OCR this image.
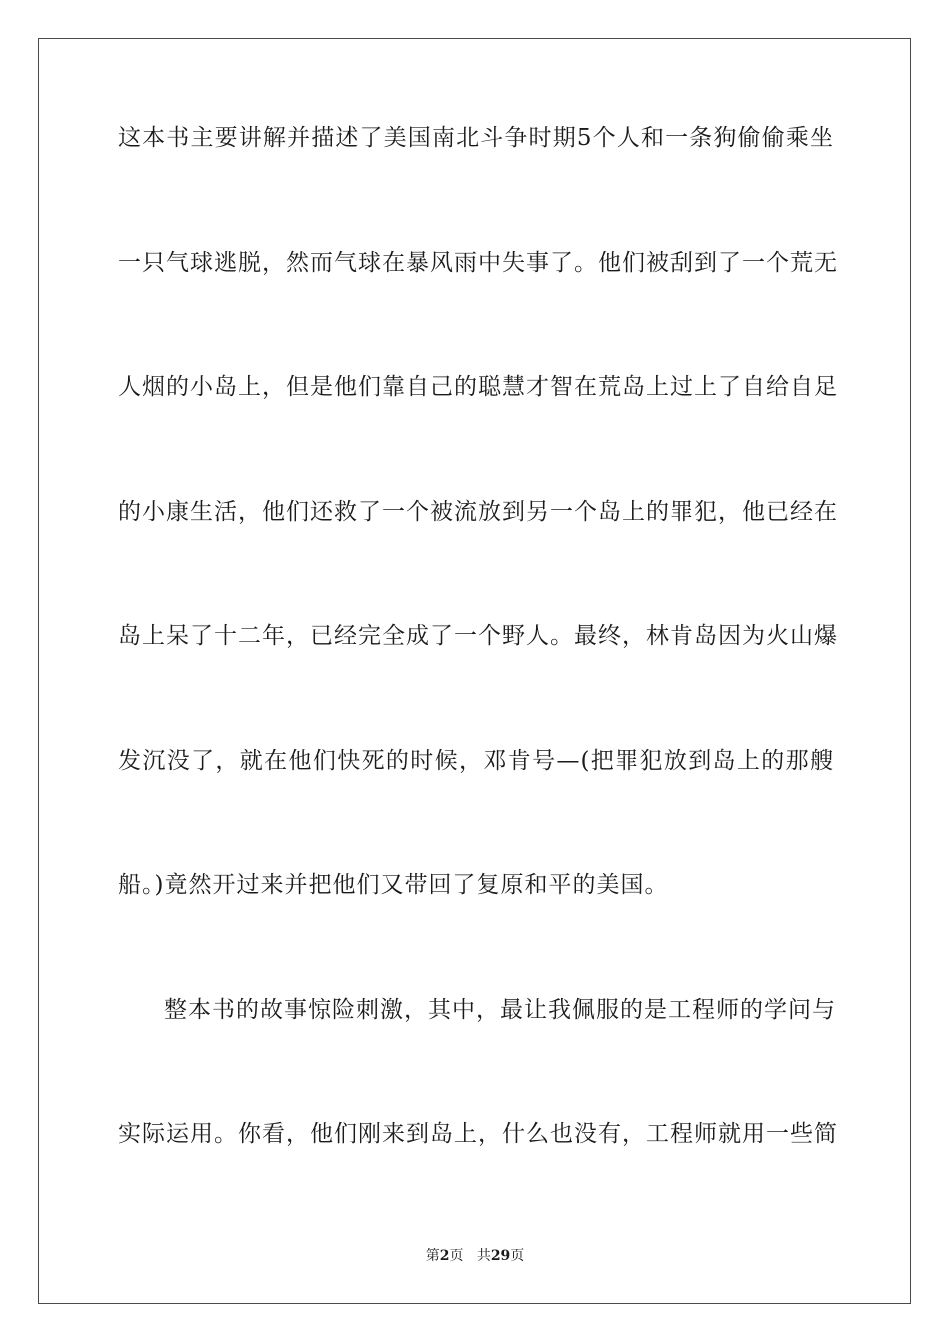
这本书主要讲解并描述了美国南北斗争时期5个人和一条狗偷偷乘坐
一只气球逃脱，然而气球在暴风雨中失事了。他们被刮到了一个荒无
人烟的小岛上，但是他们靠自己的聪慧才智在荒岛上过上了自给自足
的小康生活，他们还救了一个被流放到另一个岛上的罪犯，他已经在
岛上呆了十二年，已经完全成了一个野人。最终，林肯岛因为火山爆
发沉没了，就在他们快死的时候，邓肯号—(把罪犯放到岛上的那艘
船。)竟然开过来并把他们又带回了复原和平的美国。
整本书的故事惊险刺激，其中，最让我佩服的是工程师的学问与
实际运用。你看，他们刚来到岛上，什么也没有，工程师就用一些简
第2页 共29页
